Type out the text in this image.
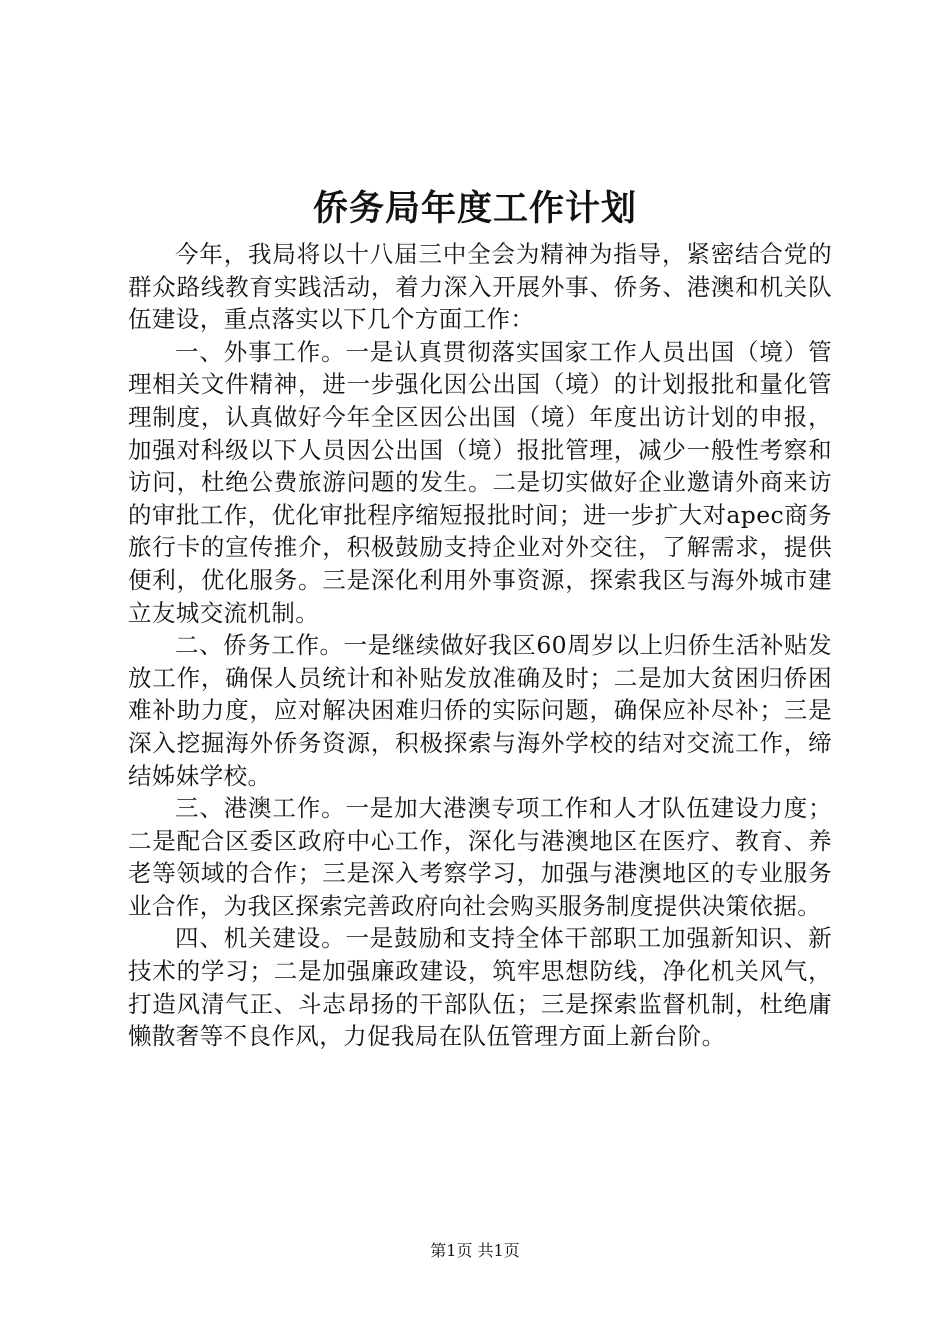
侨务局年度工作计划

今年，我局将以十八届三中全会为精神为指导，紧密结合党的群众路线教育实践活动，着力深入开展外事、侨务、港澳和机关队伍建设，重点落实以下几个方面工作：

一、外事工作。一是认真贯彻落实国家工作人员出国（境）管理相关文件精神，进一步强化因公出国（境）的计划报批和量化管理制度，认真做好今年全区因公出国（境）年度出访计划的申报，加强对科级以下人员因公出国（境）报批管理，减少一般性考察和访问，杜绝公费旅游问题的发生。二是切实做好企业邀请外商来访的审批工作，优化审批程序缩短报批时间；进一步扩大对apec商务旅行卡的宣传推介，积极鼓励支持企业对外交往，了解需求，提供便利，优化服务。三是深化利用外事资源，探索我区与海外城市建立友城交流机制。

二、侨务工作。一是继续做好我区60周岁以上归侨生活补贴发放工作，确保人员统计和补贴发放准确及时；二是加大贫困归侨困难补助力度，应对解决困难归侨的实际问题，确保应补尽补；三是深入挖掘海外侨务资源，积极探索与海外学校的结对交流工作，缔结姊妹学校。

三、港澳工作。一是加大港澳专项工作和人才队伍建设力度；二是配合区委区政府中心工作，深化与港澳地区在医疗、教育、养老等领域的合作；三是深入考察学习，加强与港澳地区的专业服务业合作，为我区探索完善政府向社会购买服务制度提供决策依据。

四、机关建设。一是鼓励和支持全体干部职工加强新知识、新技术的学习；二是加强廉政建设，筑牢思想防线，净化机关风气，打造风清气正、斗志昂扬的干部队伍；三是探索监督机制，杜绝庸懒散奢等不良作风，力促我局在队伍管理方面上新台阶。

第1页 共1页
